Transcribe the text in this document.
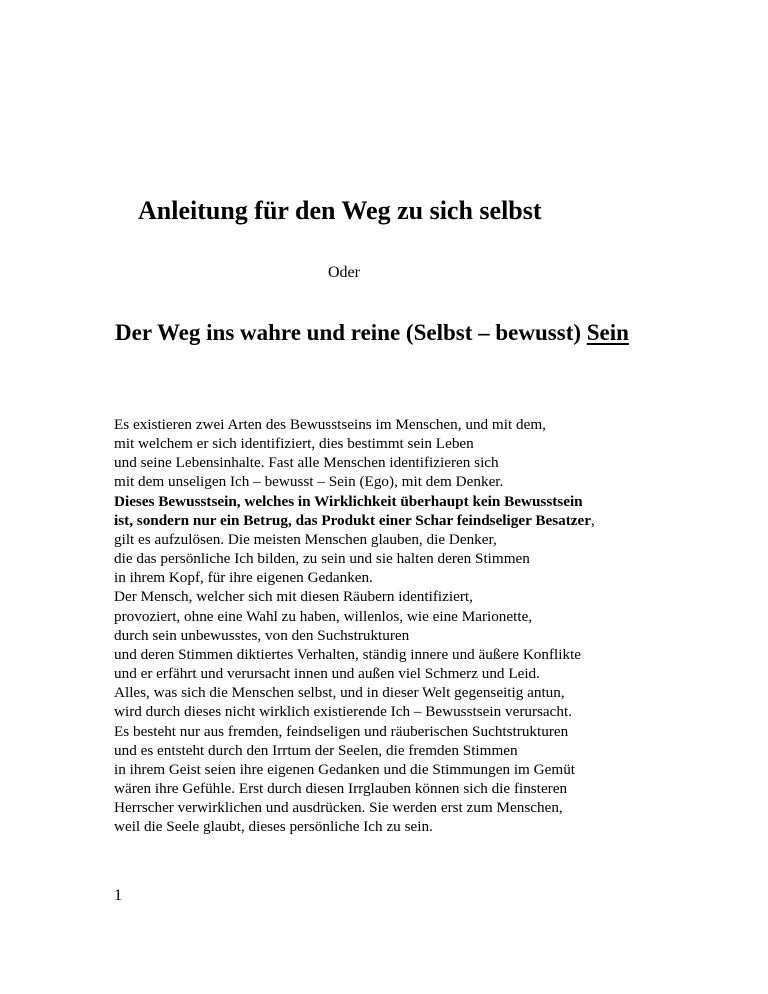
Anleitung für den Weg zu sich selbst

Oder

Der Weg ins wahre und reine (Selbst – bewusst) Sein
Es existieren zwei Arten des Bewusstseins im Menschen, und mit dem,
mit welchem er sich identifiziert, dies bestimmt sein Leben
und seine Lebensinhalte. Fast alle Menschen identifizieren sich
mit dem unseligen Ich – bewusst – Sein (Ego), mit dem Denker.
Dieses Bewusstsein, welches in Wirklichkeit überhaupt kein Bewusstsein
ist, sondern nur ein Betrug, das Produkt einer Schar feindseliger Besatzer,
gilt es aufzulösen. Die meisten Menschen glauben, die Denker,
die das persönliche Ich bilden, zu sein und sie halten deren Stimmen
in ihrem Kopf, für ihre eigenen Gedanken.
Der Mensch, welcher sich mit diesen Räubern identifiziert,
provoziert, ohne eine Wahl zu haben, willenlos, wie eine Marionette,
durch sein unbewusstes, von den Suchstrukturen
und deren Stimmen diktiertes Verhalten, ständig innere und äußere Konflikte
und er erfährt und verursacht innen und außen viel Schmerz und Leid.
Alles, was sich die Menschen selbst, und in dieser Welt gegenseitig antun,
wird durch dieses nicht wirklich existierende Ich – Bewusstsein verursacht.
Es besteht nur aus fremden, feindseligen und räuberischen Suchtstrukturen
und es entsteht durch den Irrtum der Seelen, die fremden Stimmen
in ihrem Geist seien ihre eigenen Gedanken und die Stimmungen im Gemüt
wären ihre Gefühle. Erst durch diesen Irrglauben können sich die finsteren
Herrscher verwirklichen und ausdrücken. Sie werden erst zum Menschen,
weil die Seele glaubt, dieses persönliche Ich zu sein.

1
